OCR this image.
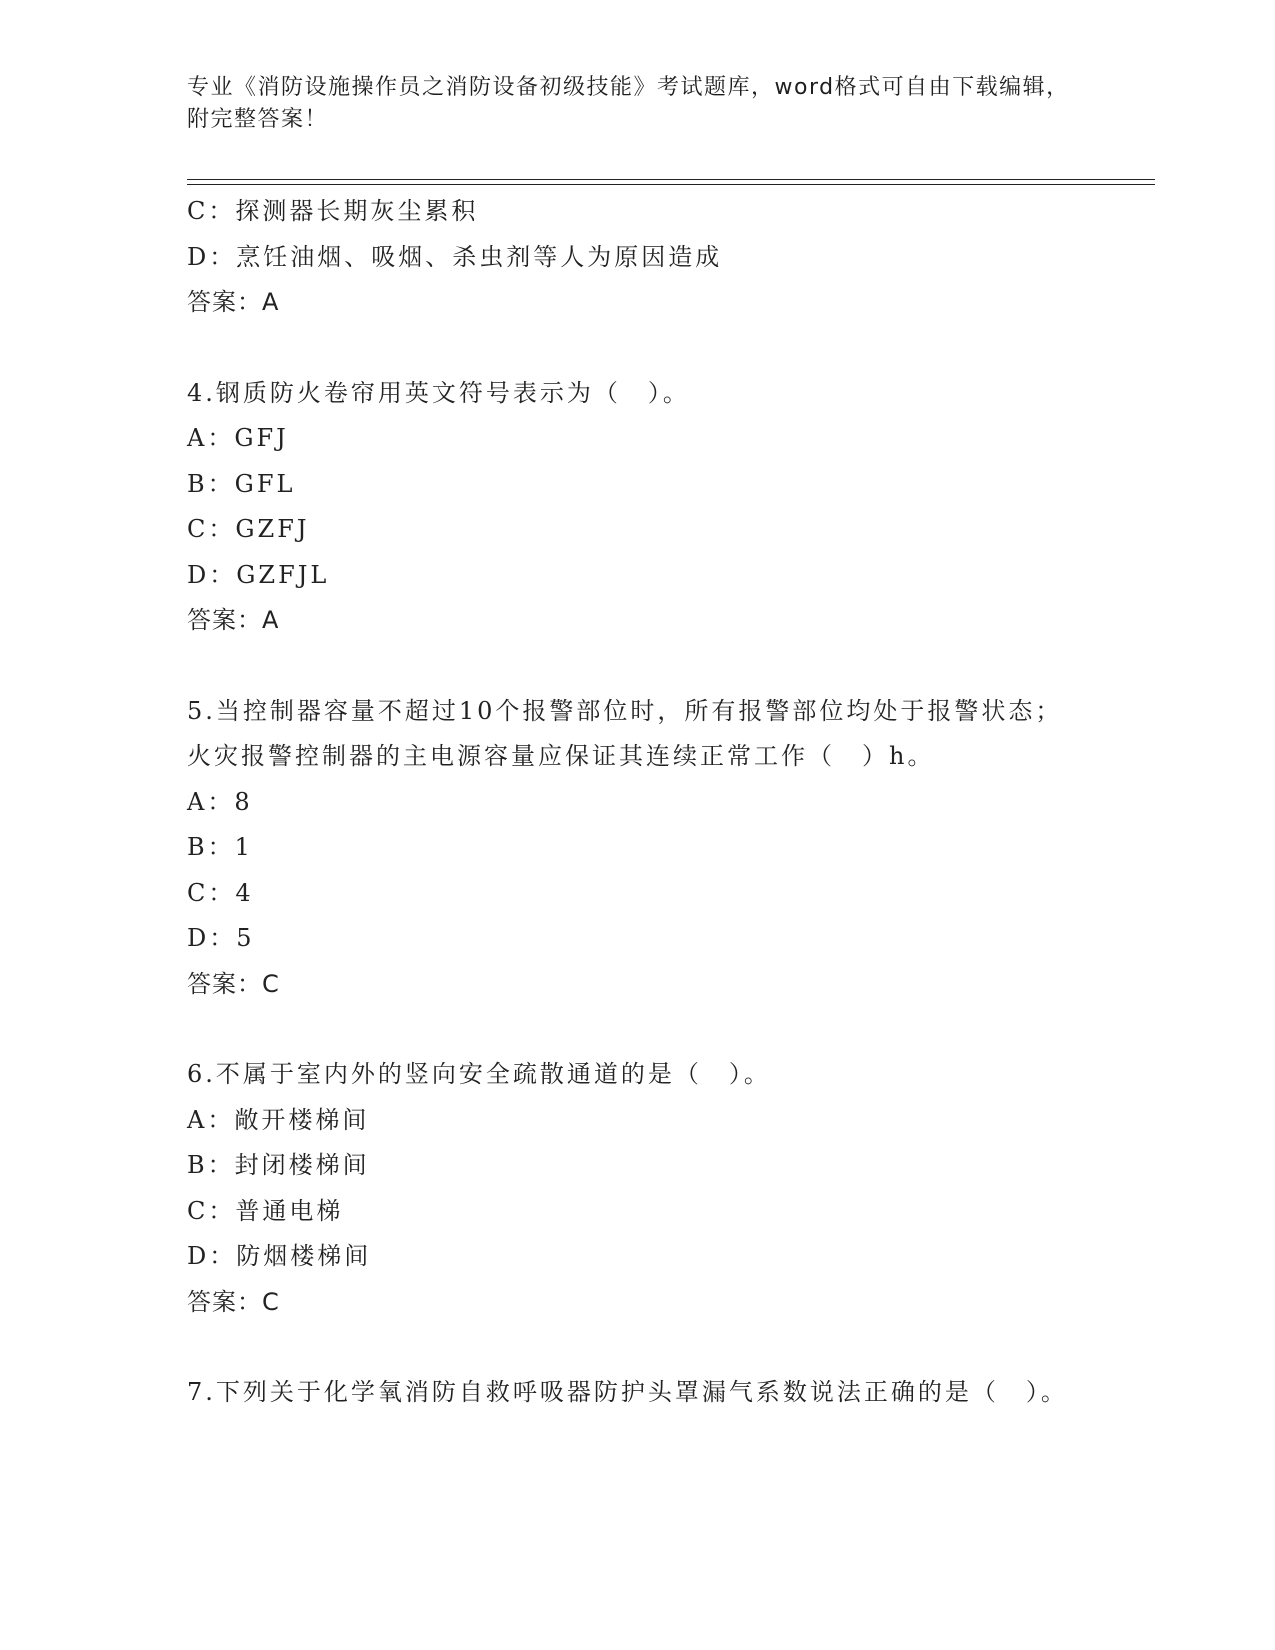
专业《消防设施操作员之消防设备初级技能》考试题库，word格式可自由下载编辑，附完整答案！
C：探测器长期灰尘累积
D：烹饪油烟、吸烟、杀虫剂等人为原因造成
答案：A
4.钢质防火卷帘用英文符号表示为（　）。
A：GFJ
B：GFL
C：GZFJ
D：GZFJL
答案：A
5.当控制器容量不超过10个报警部位时，所有报警部位均处于报警状态；火灾报警控制器的主电源容量应保证其连续正常工作（　）h。
A：8
B：1
C：4
D：5
答案：C
6.不属于室内外的竖向安全疏散通道的是（　）。
A：敞开楼梯间
B：封闭楼梯间
C：普通电梯
D：防烟楼梯间
答案：C
7.下列关于化学氧消防自救呼吸器防护头罩漏气系数说法正确的是（　）。
